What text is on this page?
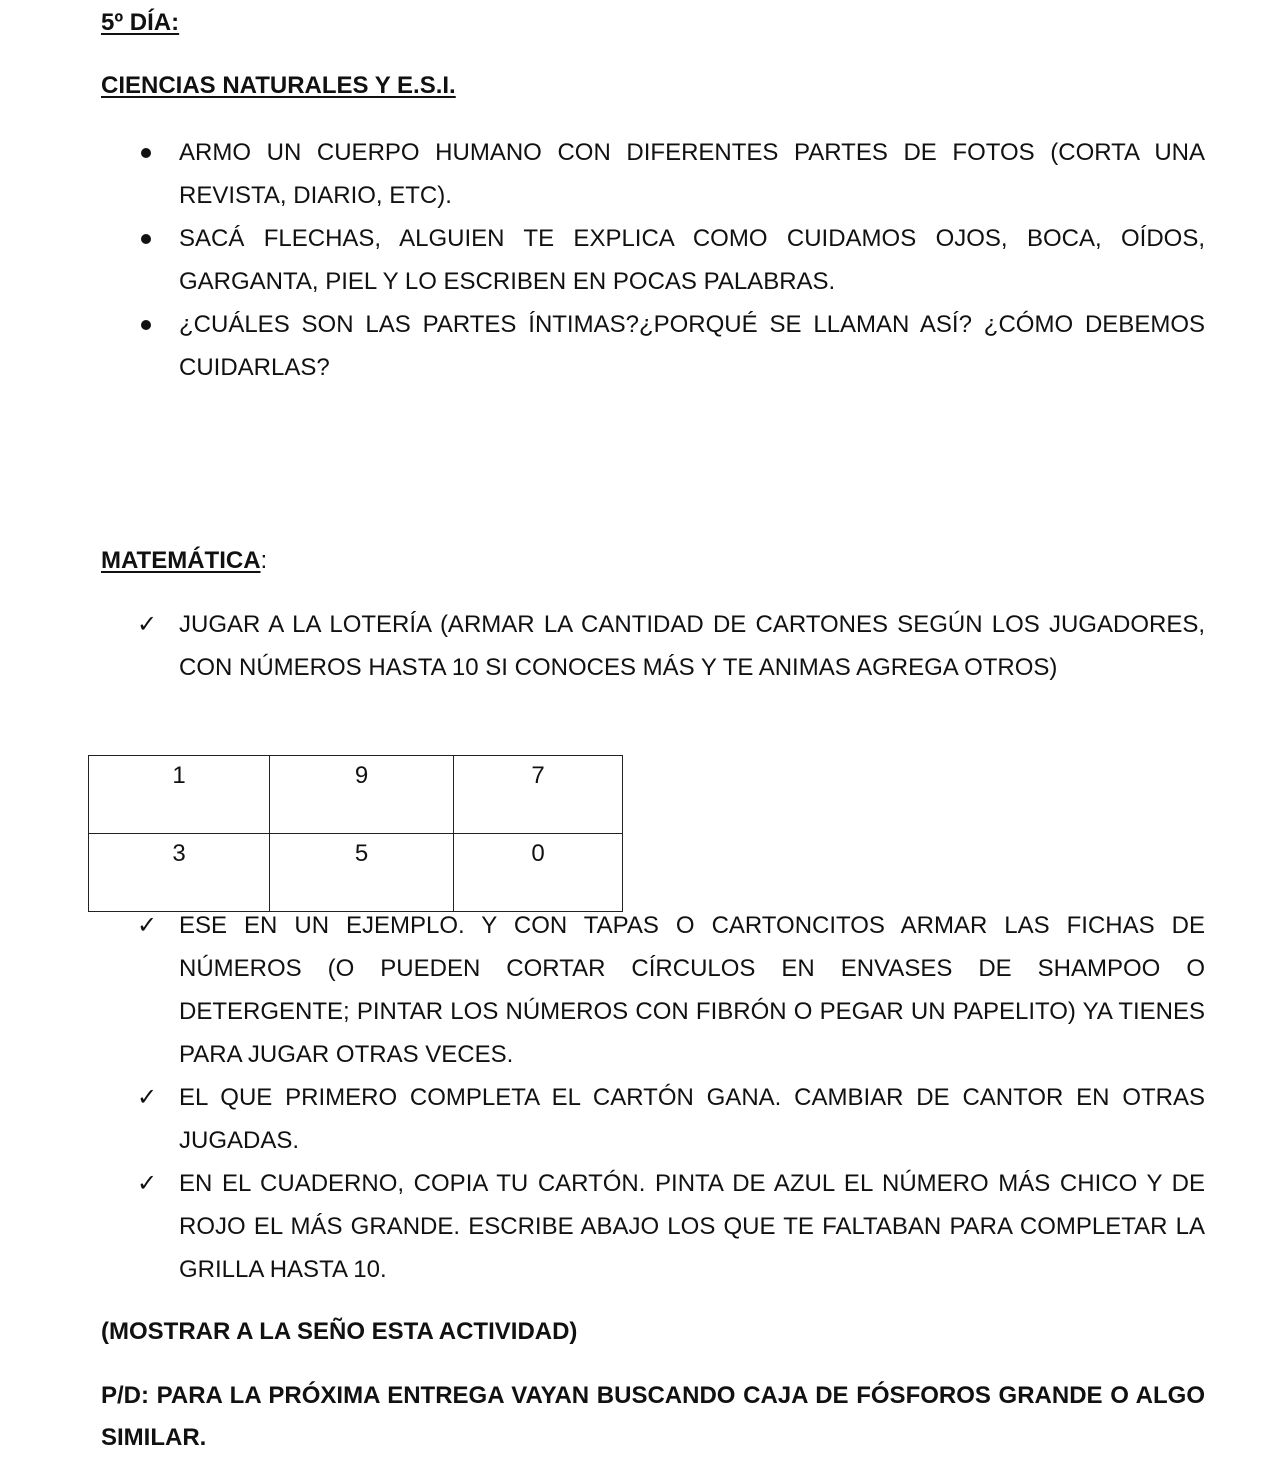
5º DÍA:
CIENCIAS NATURALES Y E.S.I.
ARMO UN CUERPO HUMANO CON DIFERENTES PARTES DE FOTOS (CORTA UNA REVISTA, DIARIO, ETC).
SACÁ FLECHAS, ALGUIEN TE EXPLICA COMO CUIDAMOS OJOS, BOCA, OÍDOS, GARGANTA, PIEL Y LO ESCRIBEN EN POCAS PALABRAS.
¿CUÁLES SON LAS PARTES ÍNTIMAS?¿PORQUÉ SE LLAMAN ASÍ? ¿CÓMO DEBEMOS CUIDARLAS?
MATEMÁTICA:
✓ JUGAR A LA LOTERÍA (ARMAR LA CANTIDAD DE CARTONES SEGÚN LOS JUGADORES, CON NÚMEROS HASTA 10 SI CONOCES MÁS Y TE ANIMAS AGREGA OTROS)
1	9	7
3	5	0
✓ ESE EN UN EJEMPLO. Y CON TAPAS O CARTONCITOS ARMAR LAS FICHAS DE NÚMEROS (O PUEDEN CORTAR CÍRCULOS EN ENVASES DE SHAMPOO O DETERGENTE; PINTAR LOS NÚMEROS CON FIBRÓN O PEGAR UN PAPELITO) YA TIENES PARA JUGAR OTRAS VECES.
✓ EL QUE PRIMERO COMPLETA EL CARTÓN GANA. CAMBIAR DE CANTOR EN OTRAS JUGADAS.
✓ EN EL CUADERNO, COPIA TU CARTÓN. PINTA DE AZUL EL NÚMERO MÁS CHICO Y DE ROJO EL MÁS GRANDE. ESCRIBE ABAJO LOS QUE TE FALTABAN PARA COMPLETAR LA GRILLA HASTA 10.

(MOSTRAR A LA SEÑO ESTA ACTIVIDAD)

P/D: PARA LA PRÓXIMA ENTREGA VAYAN BUSCANDO CAJA DE FÓSFOROS GRANDE O ALGO SIMILAR.
